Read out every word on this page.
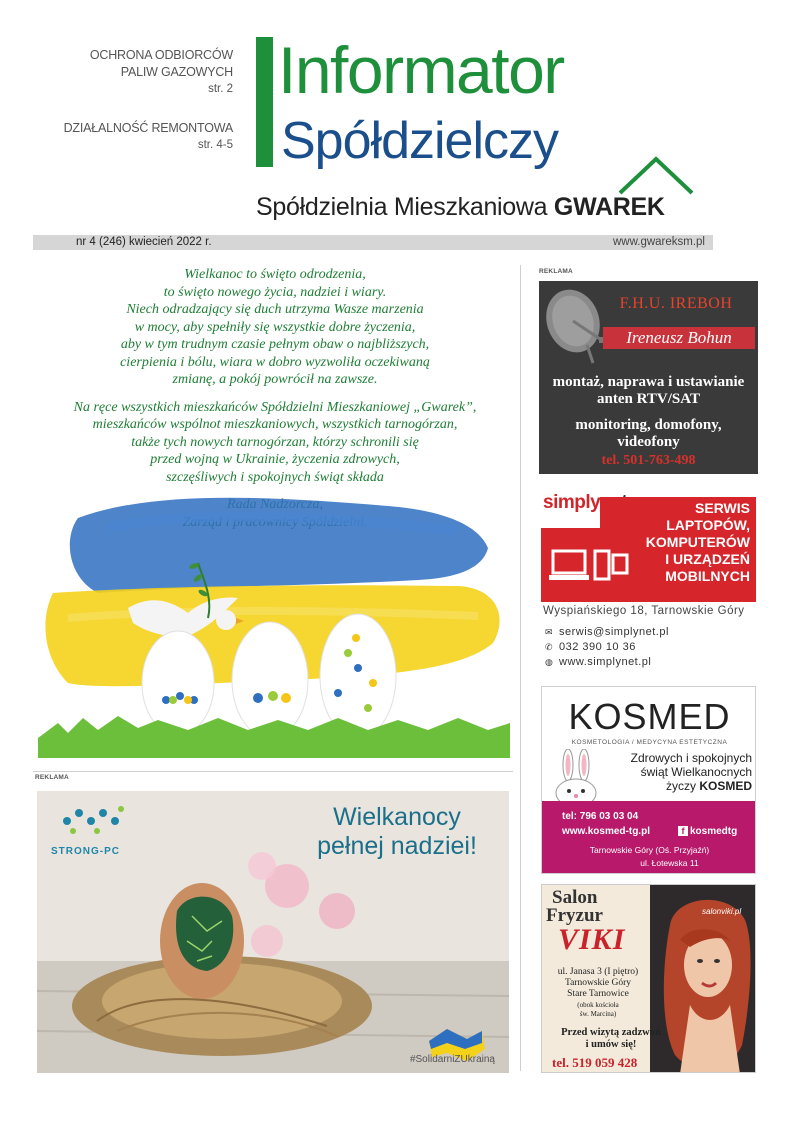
OCHRONA ODBIORCÓW
PALIW GAZOWYCH
str. 2
DZIAŁALNOŚĆ REMONTOWA
str. 4-5
Informator
Spółdzielczy
Spółdzielnia Mieszkaniowa GWAREK
nr 4 (246) kwiecień 2022 r.	www.gwareksm.pl

Wielkanoc to święto odrodzenia,
to święto nowego życia, nadziei i wiary.
Niech odradzający się duch utrzyma Wasze marzenia
w mocy, aby spełniły się wszystkie dobre życzenia,
aby w tym trudnym czasie pełnym obaw o najbliższych,
cierpienia i bólu, wiara w dobro wyzwoliła oczekiwaną
zmianę, a pokój powrócił na zawsze.

Na ręce wszystkich mieszkańców Spółdzielni Mieszkaniowej „Gwarek”,
mieszkańców wspólnot mieszkaniowych, wszystkich tarnogórzan,
także tych nowych tarnogórzan, którzy schronili się
przed wojną w Ukrainie, życzenia zdrowych,
szczęśliwych i spokojnych świąt składa

REKLAMA
REKLAMA
STRONG-PC
Wielkanocy
pełnej nadziei!
#SolidarniZUkrainą
F.H.U. IREBOH
Ireneusz Bohun
montaż, naprawa i ustawianie
anten RTV/SAT
monitoring, domofony,
videofony
tel. 501-763-498
simply	SERWIS
LAPTOPÓW,
KOMPUTERÓW
I URZĄDZEŃ
MOBILNYCH
Wyspiańskiego 18, Tarnowskie Góry
✉ serwis@simplynet.pl
✆ 032 390 10 36
◍ www.simplynet.pl
KOSMED
KOSMETOLOGIA / MEDYCYNA ESTETYCZNA
Zdrowych i spokojnych
świąt Wielkanocnych
życzy KOSMED
tel: 796 03 03 04
www.kosmed-tg.pl	f kosmedtg
Tarnowskie Góry (Oś. Przyjaźń)
ul. Łotewska 11
Salon
Fryzur	salonviki.pl
VIKI
ul. Janasa 3 (I piętro)
Tarnowskie Góry
Stare Tarnowice
(obok kościoła
św. Marcina)
Przed wizytą zadzwoń
i umów się!
tel. 519 059 428
